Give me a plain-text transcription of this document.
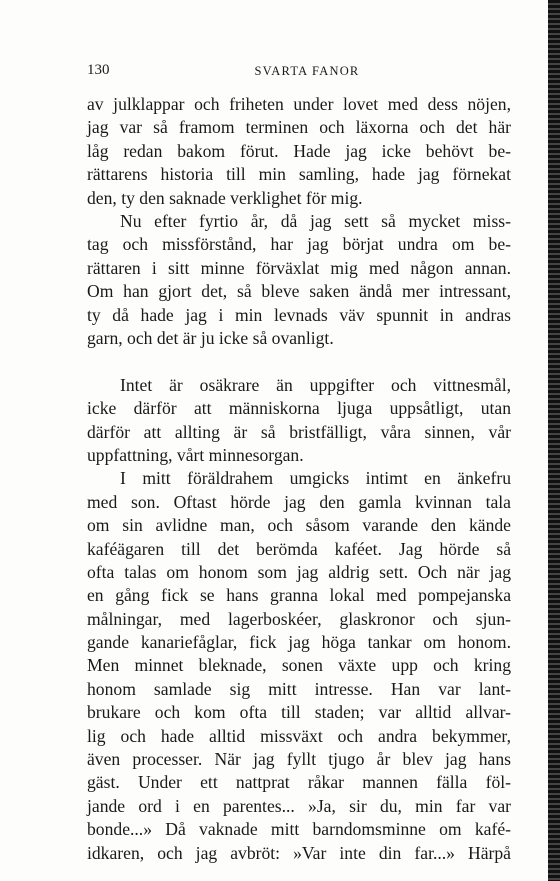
130	SVARTA FANOR
av julklappar och friheten under lovet med dess nöjen,
jag var så framom terminen och läxorna och det här
låg redan bakom förut. Hade jag icke behövt be-
rättarens historia till min samling, hade jag förnekat
den, ty den saknade verklighet för mig.
Nu efter fyrtio år, då jag sett så mycket miss-
tag och missförstånd, har jag börjat undra om be-
rättaren i sitt minne förväxlat mig med någon annan.
Om han gjort det, så bleve saken ändå mer intressant,
ty då hade jag i min levnads väv spunnit in andras
garn, och det är ju icke så ovanligt.
Intet är osäkrare än uppgifter och vittnesmål,
icke därför att människorna ljuga uppsåtligt, utan
därför att allting är så bristfälligt, våra sinnen, vår
uppfattning, vårt minnesorgan.
I mitt föräldrahem umgicks intimt en änkefru
med son. Oftast hörde jag den gamla kvinnan tala
om sin avlidne man, och såsom varande den kände
kaféägaren till det berömda kaféet. Jag hörde så
ofta talas om honom som jag aldrig sett. Och när jag
en gång fick se hans granna lokal med pompejanska
målningar, med lagerboskéer, glaskronor och sjun-
gande kanariefåglar, fick jag höga tankar om honom.
Men minnet bleknade, sonen växte upp och kring
honom samlade sig mitt intresse. Han var lant-
brukare och kom ofta till staden; var alltid allvar-
lig och hade alltid missväxt och andra bekymmer,
även processer. När jag fyllt tjugo år blev jag hans
gäst. Under ett nattprat råkar mannen fälla föl-
jande ord i en parentes... »Ja, sir du, min far var
bonde...» Då vaknade mitt barndomsminne om kafé-
idkaren, och jag avbröt: »Var inte din far...» Härpå
